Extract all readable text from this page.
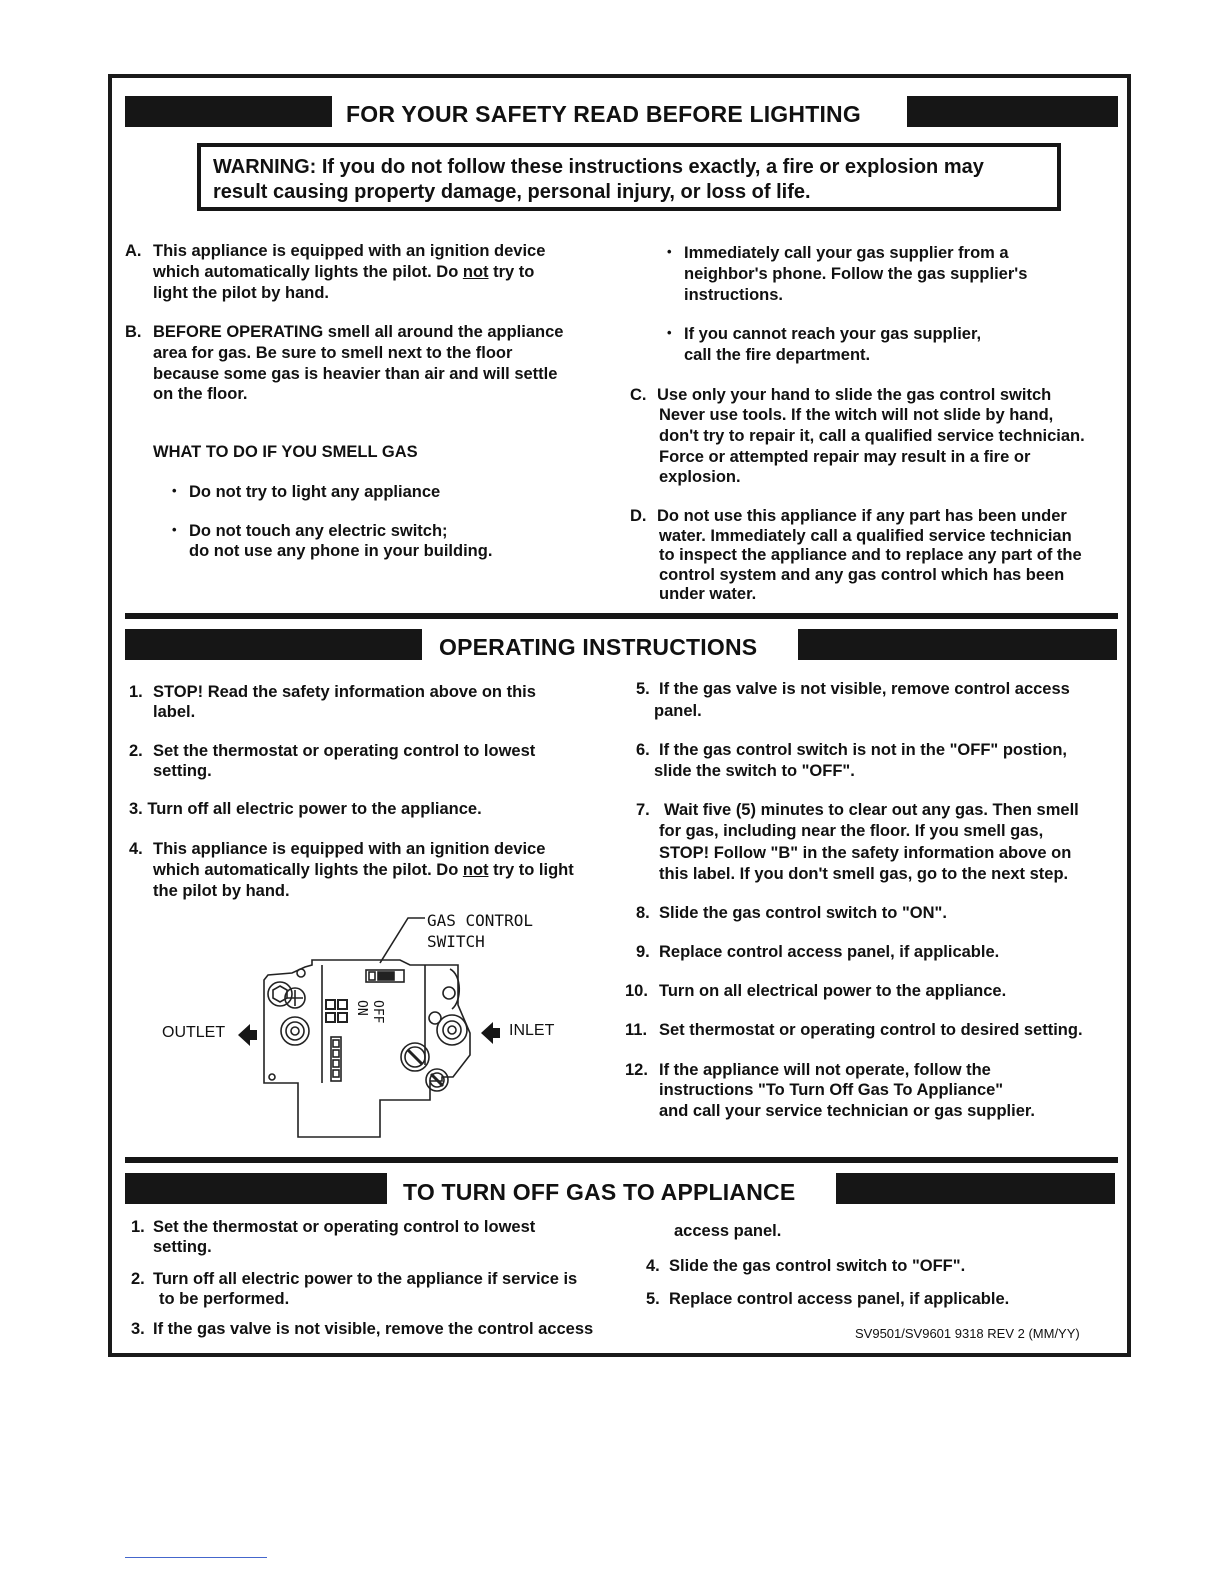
FOR YOUR SAFETY READ BEFORE LIGHTING
WARNING: If you do not follow these instructions exactly, a fire or explosion may
result causing property damage, personal injury, or loss of life.
A. This appliance is equipped with an ignition device
which automatically lights the pilot. Do not try to
light the pilot by hand.
B. BEFORE OPERATING smell all around the appliance
area for gas. Be sure to smell next to the floor
because some gas is heavier than air and will settle
on the floor.
WHAT TO DO IF YOU SMELL GAS
• Do not try to light any appliance
• Do not touch any electric switch;
do not use any phone in your building.
• Immediately call your gas supplier from a
neighbor's phone. Follow the gas supplier's
instructions.
• If you cannot reach your gas supplier,
call the fire department.
C. Use only your hand to slide the gas control switch
Never use tools. If the witch will not slide by hand,
don't try to repair it, call a qualified service technician.
Force or attempted repair may result in a fire or
explosion.
D. Do not use this appliance if any part has been under
water. Immediately call a qualified service technician
to inspect the appliance and to replace any part of the
control system and any gas control which has been
under water.
OPERATING INSTRUCTIONS
1. STOP! Read the safety information above on this
label.
2. Set the thermostat or operating control to lowest
setting.
3. Turn off all electric power to the appliance.
4. This appliance is equipped with an ignition device
which automatically lights the pilot. Do not try to light
the pilot by hand.
5. If the gas valve is not visible, remove control access
panel.
6. If the gas control switch is not in the "OFF" postion,
slide the switch to "OFF".
7. Wait five (5) minutes to clear out any gas. Then smell
for gas, including near the floor. If you smell gas,
STOP! Follow "B" in the safety information above on
this label. If you don't smell gas, go to the next step.
8. Slide the gas control switch to "ON".
9. Replace control access panel, if applicable.
10. Turn on all electrical power to the appliance.
11. Set thermostat or operating control to desired setting.
12. If the appliance will not operate, follow the
instructions "To Turn Off Gas To Appliance"
and call your service technician or gas supplier.
GAS CONTROL
SWITCH
OFF
ON
OUTLET	INLET
TO TURN OFF GAS TO APPLIANCE
1. Set the thermostat or operating control to lowest
setting.
2. Turn off all electric power to the appliance if service is
to be performed.
3. If the gas valve is not visible, remove the control access
access panel.
4. Slide the gas control switch to "OFF".
5. Replace control access panel, if applicable.
SV9501/SV9601 9318 REV 2 (MM/YY)
